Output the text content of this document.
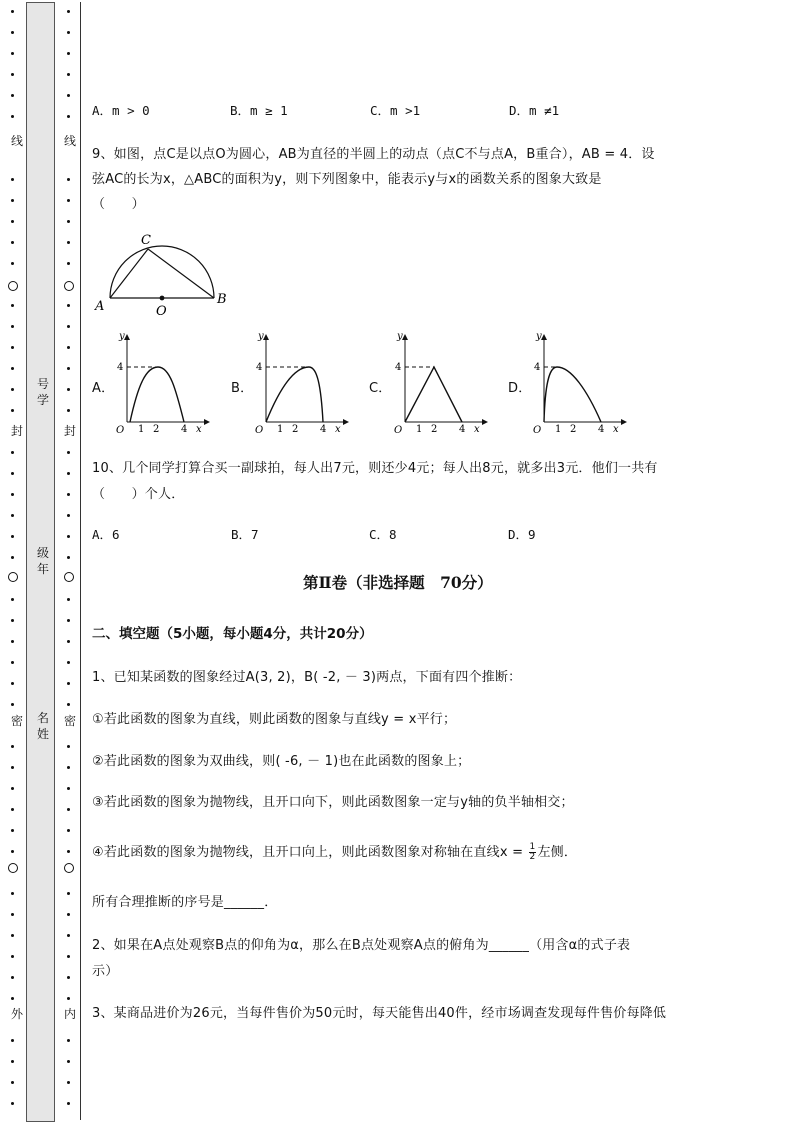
线
封
密
外
线
封
密
内
号学
级年
名姓
A．m > 0	B．m ≥ 1	C．m >1	D．m ≠1
9、如图，点C是以点O为圆心，AB为直径的半圆上的动点（点C不与点A，B重合），AB = 4．设
弦AC的长为x，△ABC的面积为y，则下列图象中，能表示y与x的函数关系的图象大致是
（　　）
A	B
C
O
A．	B．	C．	D．
y
4
O 1 2 4 x
y
4
O 1 2 4 x
y
4
O 1 2 4 x
y
4
O 1 2 4 x
10、几个同学打算合买一副球拍，每人出7元，则还少4元；每人出8元，就多出3元．他们一共有
（　　）个人．
A．6	B．7	C．8	D．9
第Ⅱ卷（非选择题　70分）
二、填空题（5小题，每小题4分，共计20分）
1、已知某函数的图象经过A(3, 2)，B( -2, － 3)两点，下面有四个推断：
①若此函数的图象为直线，则此函数的图象与直线y = x平行；
②若此函数的图象为双曲线，则( -6, － 1)也在此函数的图象上；
③若此函数的图象为抛物线，且开口向下，则此函数图象一定与y轴的负半轴相交；
④若此函数的图象为抛物线，且开口向上，则此函数图象对称轴在直线$x = \frac{1}{2}$ 左侧．
所有合理推断的序号是______．
2、如果在A点处观察B点的仰角为α，那么在B点处观察A点的俯角为______（用含α的式子表
示）
3、某商品进价为26元，当每件售价为50元时，每天能售出40件，经市场调查发现每件售价每降低
